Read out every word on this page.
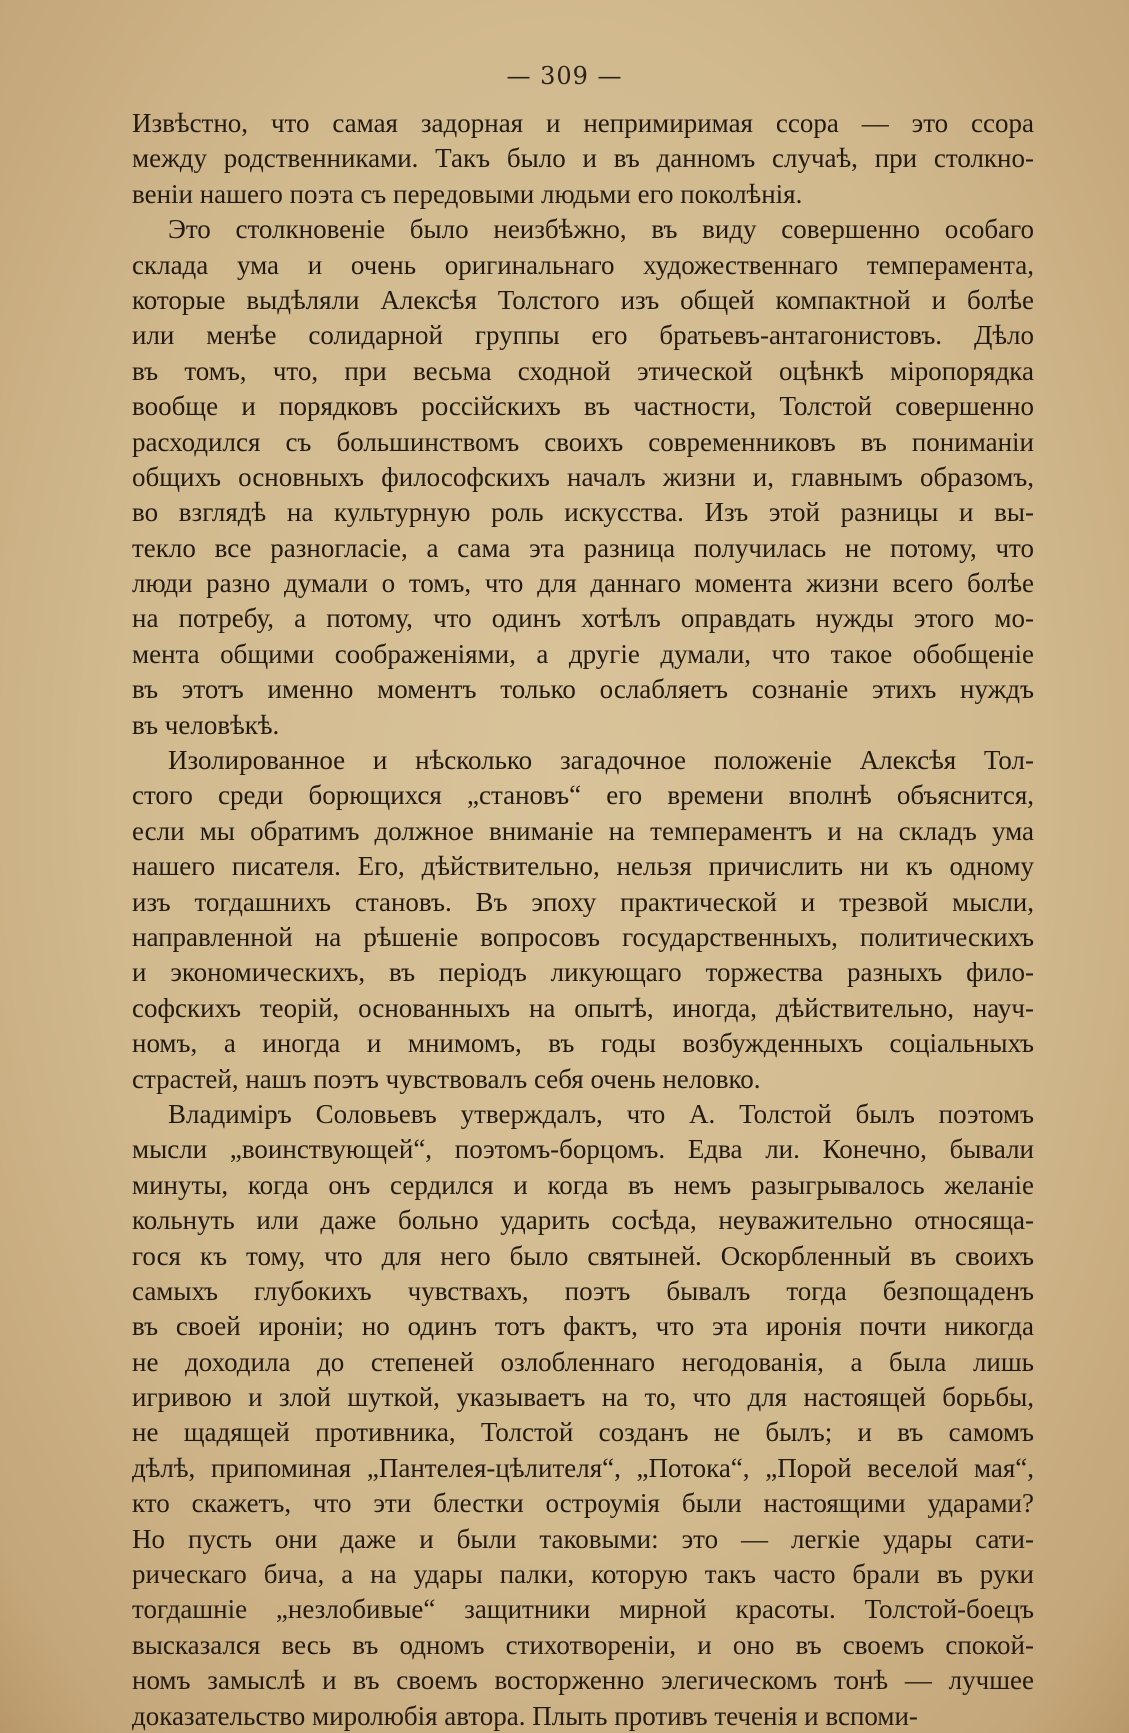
— 309 —
Извѣстно, что самая задорная и непримиримая ссора — это ссора
между родственниками. Такъ было и въ данномъ случаѣ, при столкно-
веніи нашего поэта съ передовыми людьми его поколѣнія.
Это столкновеніе было неизбѣжно, въ виду совершенно особаго
склада ума и очень оригинальнаго художественнаго темперамента,
которые выдѣляли Алексѣя Толстого изъ общей компактной и болѣе
или менѣе солидарной группы его братьевъ-антагонистовъ. Дѣло
въ томъ, что, при весьма сходной этической оцѣнкѣ міропорядка
вообще и порядковъ россійскихъ въ частности, Толстой совершенно
расходился съ большинствомъ своихъ современниковъ въ пониманіи
общихъ основныхъ философскихъ началъ жизни и, главнымъ образомъ,
во взглядѣ на культурную роль искусства. Изъ этой разницы и вы-
текло все разногласіе, а сама эта разница получилась не потому, что
люди разно думали о томъ, что для даннаго момента жизни всего болѣе
на потребу, а потому, что одинъ хотѣлъ оправдать нужды этого мо-
мента общими соображеніями, а другіе думали, что такое обобщеніе
въ этотъ именно моментъ только ослабляетъ сознаніе этихъ нуждъ
въ человѣкѣ.
Изолированное и нѣсколько загадочное положеніе Алексѣя Тол-
стого среди борющихся „становъ“ его времени вполнѣ объяснится,
если мы обратимъ должное вниманіе на темпераментъ и на складъ ума
нашего писателя. Его, дѣйствительно, нельзя причислить ни къ одному
изъ тогдашнихъ становъ. Въ эпоху практической и трезвой мысли,
направленной на рѣшеніе вопросовъ государственныхъ, политическихъ
и экономическихъ, въ періодъ ликующаго торжества разныхъ фило-
софскихъ теорій, основанныхъ на опытѣ, иногда, дѣйствительно, науч-
номъ, а иногда и мнимомъ, въ годы возбужденныхъ соціальныхъ
страстей, нашъ поэтъ чувствовалъ себя очень неловко.
Владиміръ Соловьевъ утверждалъ, что А. Толстой былъ поэтомъ
мысли „воинствующей“, поэтомъ-борцомъ. Едва ли. Конечно, бывали
минуты, когда онъ сердился и когда въ немъ разыгрывалось желаніе
кольнуть или даже больно ударить сосѣда, неуважительно относяща-
гося къ тому, что для него было святыней. Оскорбленный въ своихъ
самыхъ глубокихъ чувствахъ, поэтъ бывалъ тогда безпощаденъ
въ своей ироніи; но одинъ тотъ фактъ, что эта иронія почти никогда
не доходила до степеней озлобленнаго негодованія, а была лишь
игривою и злой шуткой, указываетъ на то, что для настоящей борьбы,
не щадящей противника, Толстой созданъ не былъ; и въ самомъ
дѣлѣ, припоминая „Пантелея-цѣлителя“, „Потока“, „Порой веселой мая“,
кто скажетъ, что эти блестки остроумія были настоящими ударами?
Но пусть они даже и были таковыми: это — легкіе удары сати-
рическаго бича, а на удары палки, которую такъ часто брали въ руки
тогдашніе „незлобивые“ защитники мирной красоты. Толстой-боецъ
высказался весь въ одномъ стихотвореніи, и оно въ своемъ спокой-
номъ замыслѣ и въ своемъ восторженно элегическомъ тонѣ — лучшее
доказательство миролюбія автора. Плыть противъ теченія и вспоми-
